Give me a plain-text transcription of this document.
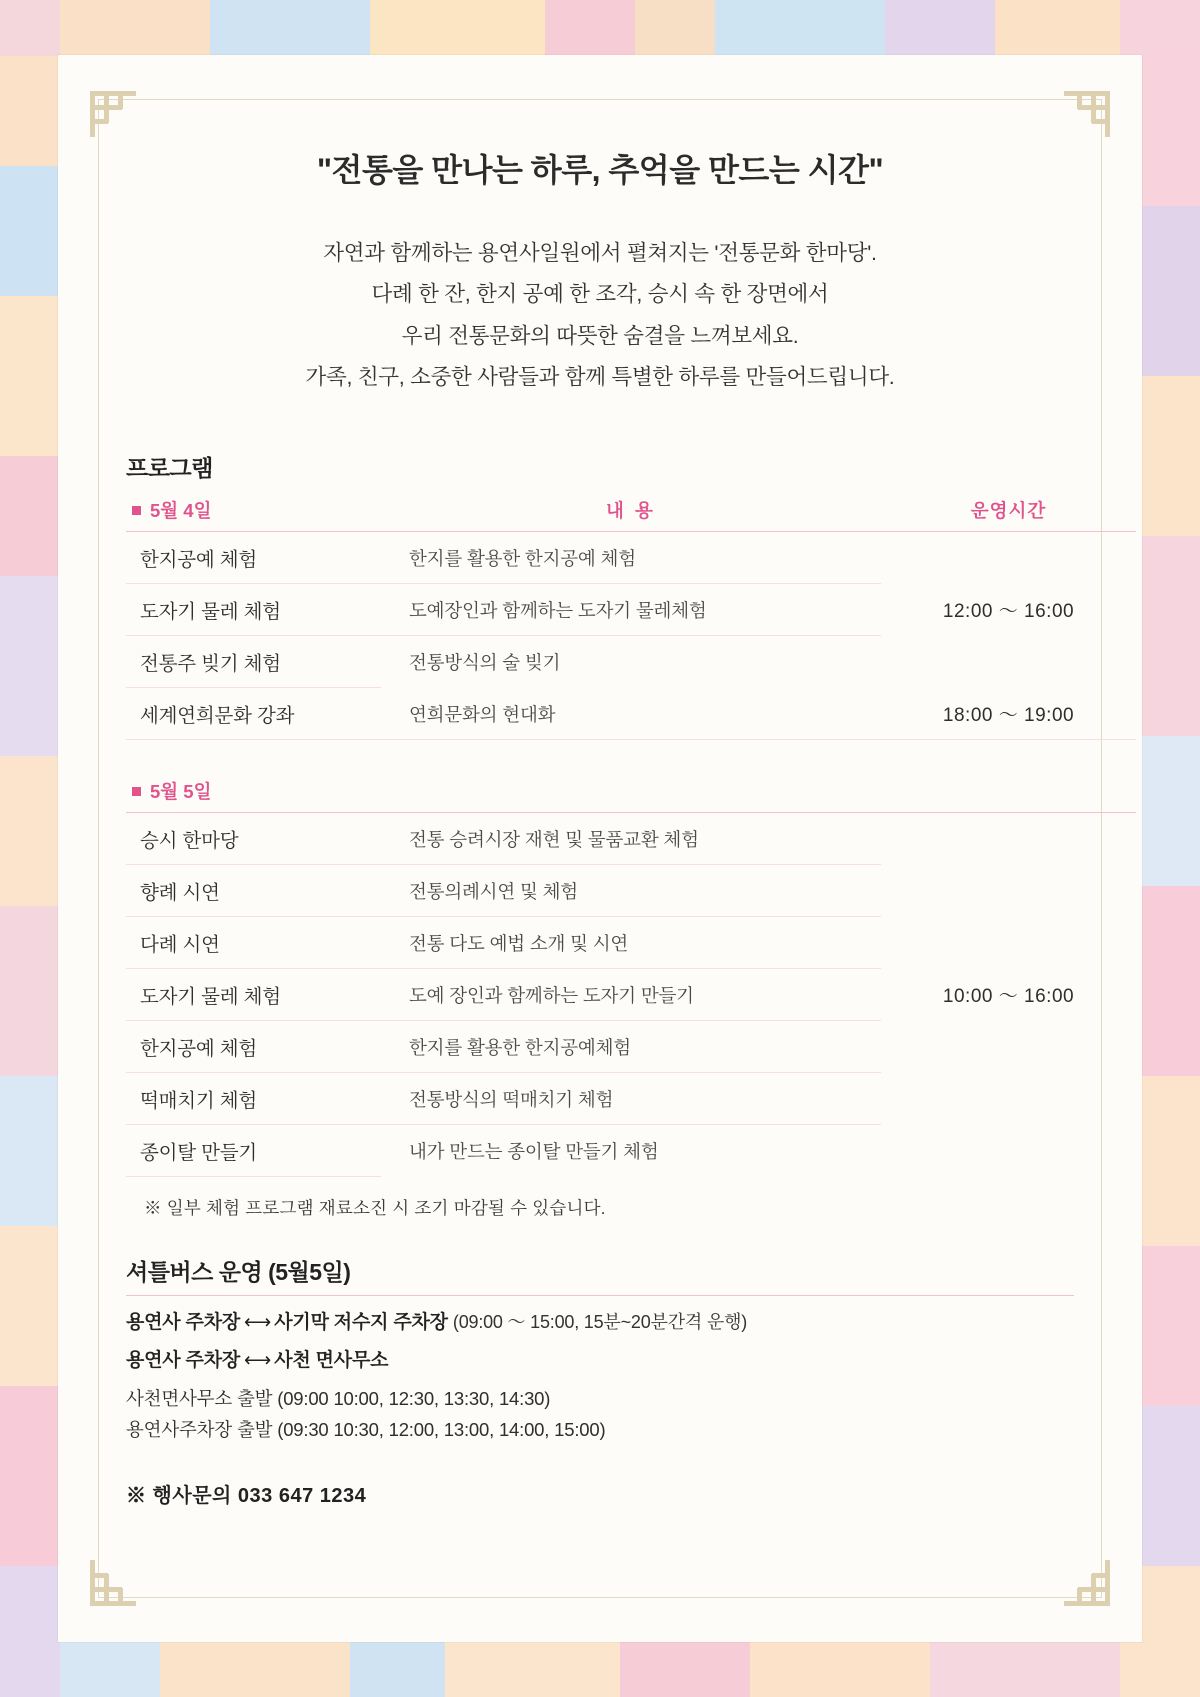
"전통을 만나는 하루, 추억을 만드는 시간"
자연과 함께하는 용연사일원에서 펼쳐지는 '전통문화 한마당'.
다례 한 잔, 한지 공예 한 조각, 승시 속 한 장면에서
우리 전통문화의 따뜻한 숨결을 느껴보세요.
가족, 친구, 소중한 사람들과 함께 특별한 하루를 만들어드립니다.
프로그램
5월 4일	내 용	운영시간
한지공예 체험	한지를 활용한 한지공예 체험	12:00 ～ 16:00
도자기 물레 체험	도예장인과 함께하는 도자기 물레체험	
전통주 빚기 체험	전통방식의 술 빚기	
세계연희문화 강좌	연희문화의 현대화	18:00 ～ 19:00

5월 5일		
승시 한마당	전통 승려시장 재현 및 물품교환 체험	10:00 ～ 16:00
향례 시연	전통의례시연 및 체험	
다례 시연	전통 다도 예법 소개 및 시연	
도자기 물레 체험	도예 장인과 함께하는 도자기 만들기	
한지공예 체험	한지를 활용한 한지공예체험	
떡매치기 체험	전통방식의 떡매치기 체험	
종이탈 만들기	내가 만드는 종이탈 만들기 체험	
※ 일부 체험 프로그램 재료소진 시 조기 마감될 수 있습니다.
셔틀버스 운영 (5월5일)
용연사 주차장 ⟷ 사기막 저수지 주차장 (09:00 ～ 15:00, 15분~20분간격 운행)
용연사 주차장 ⟷ 사천 면사무소
사천면사무소 출발 (09:00 10:00, 12:30, 13:30, 14:30)
용연사주차장 출발 (09:30 10:30, 12:00, 13:00, 14:00, 15:00)
※ 행사문의 033 647 1234
